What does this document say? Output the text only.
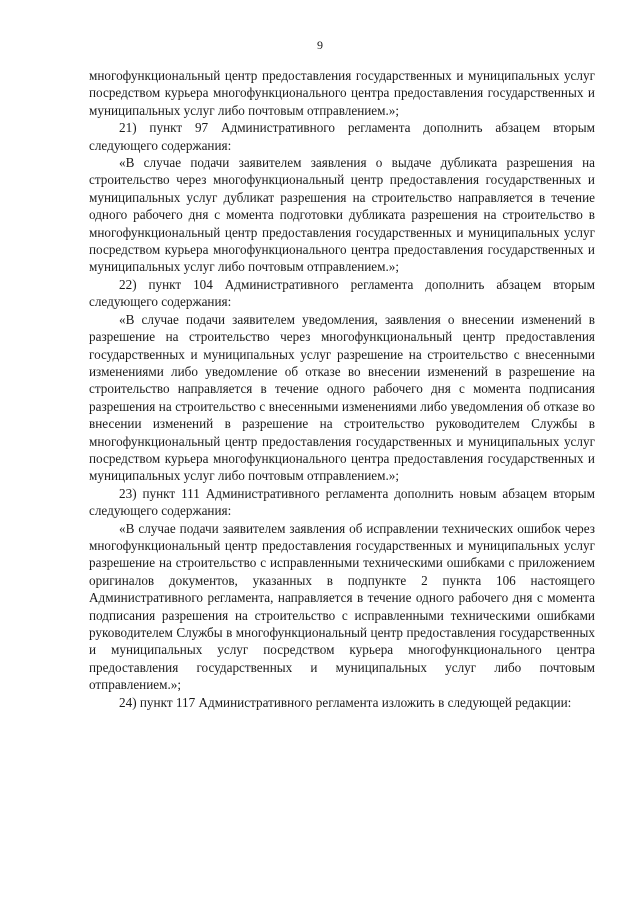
9

многофункциональный центр предоставления государственных и муниципальных услуг посредством курьера многофункционального центра предоставления государственных и муниципальных услуг либо почтовым отправлением.»;

21) пункт 97 Административного регламента дополнить абзацем вторым следующего содержания:

«В случае подачи заявителем заявления о выдаче дубликата разрешения на строительство через многофункциональный центр предоставления государственных и муниципальных услуг дубликат разрешения на строительство направляется в течение одного рабочего дня с момента подготовки дубликата разрешения на строительство в многофункциональный центр предоставления государственных и муниципальных услуг посредством курьера многофункционального центра предоставления государственных и муниципальных услуг либо почтовым отправлением.»;

22) пункт 104 Административного регламента дополнить абзацем вторым следующего содержания:

«В случае подачи заявителем уведомления, заявления о внесении изменений в разрешение на строительство через многофункциональный центр предоставления государственных и муниципальных услуг разрешение на строительство с внесенными изменениями либо уведомление об отказе во внесении изменений в разрешение на строительство направляется в течение одного рабочего дня с момента подписания разрешения на строительство с внесенными изменениями либо уведомления об отказе во внесении изменений в разрешение на строительство руководителем Службы в многофункциональный центр предоставления государственных и муниципальных услуг посредством курьера многофункционального центра предоставления государственных и муниципальных услуг либо почтовым отправлением.»;

23) пункт 111 Административного регламента дополнить новым абзацем вторым следующего содержания:

«В случае подачи заявителем заявления об исправлении технических ошибок через многофункциональный центр предоставления государственных и муниципальных услуг разрешение на строительство с исправленными техническими ошибками с приложением оригиналов документов, указанных в подпункте 2 пункта 106 настоящего Административного регламента, направляется в течение одного рабочего дня с момента подписания разрешения на строительство с исправленными техническими ошибками руководителем Службы в многофункциональный центр предоставления государственных и муниципальных услуг посредством курьера многофункционального центра предоставления государственных и муниципальных услуг либо почтовым отправлением.»;

24) пункт 117 Административного регламента изложить в следующей редакции:
